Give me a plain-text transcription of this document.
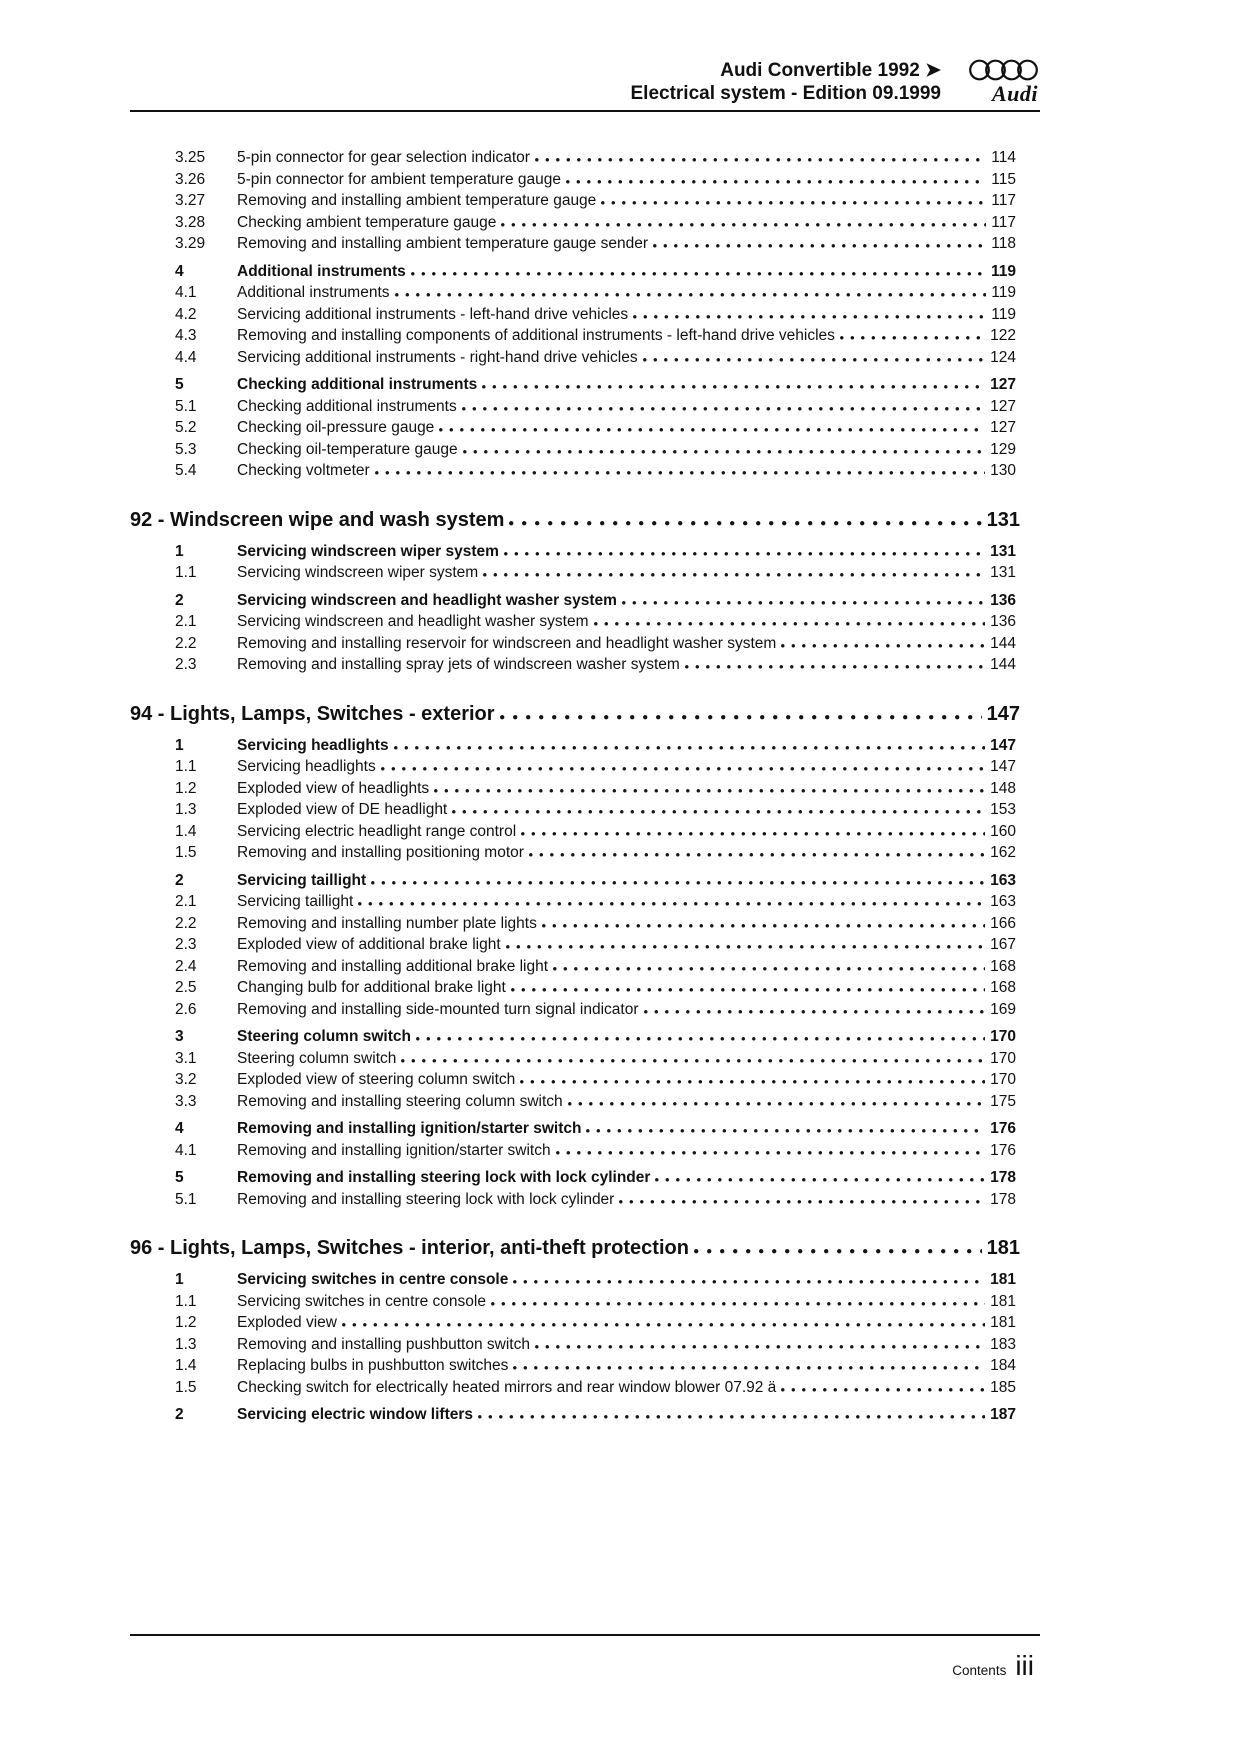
Audi Convertible 1992 ➤
Electrical system - Edition 09.1999	Audi
3.25	5-pin connector for gear selection indicator	114
3.26	5-pin connector for ambient temperature gauge	115
3.27	Removing and installing ambient temperature gauge	117
3.28	Checking ambient temperature gauge	117
3.29	Removing and installing ambient temperature gauge sender	118
4	Additional instruments	119
4.1	Additional instruments	119
4.2	Servicing additional instruments - left-hand drive vehicles	119
4.3	Removing and installing components of additional instruments - left-hand drive vehicles	122
4.4	Servicing additional instruments - right-hand drive vehicles	124
5	Checking additional instruments	127
5.1	Checking additional instruments	127
5.2	Checking oil-pressure gauge	127
5.3	Checking oil-temperature gauge	129
5.4	Checking voltmeter	130
92 - Windscreen wipe and wash system	131
1	Servicing windscreen wiper system	131
1.1	Servicing windscreen wiper system	131
2	Servicing windscreen and headlight washer system	136
2.1	Servicing windscreen and headlight washer system	136
2.2	Removing and installing reservoir for windscreen and headlight washer system	144
2.3	Removing and installing spray jets of windscreen washer system	144
94 - Lights, Lamps, Switches - exterior	147
1	Servicing headlights	147
1.1	Servicing headlights	147
1.2	Exploded view of headlights	148
1.3	Exploded view of DE headlight	153
1.4	Servicing electric headlight range control	160
1.5	Removing and installing positioning motor	162
2	Servicing taillight	163
2.1	Servicing taillight	163
2.2	Removing and installing number plate lights	166
2.3	Exploded view of additional brake light	167
2.4	Removing and installing additional brake light	168
2.5	Changing bulb for additional brake light	168
2.6	Removing and installing side-mounted turn signal indicator	169
3	Steering column switch	170
3.1	Steering column switch	170
3.2	Exploded view of steering column switch	170
3.3	Removing and installing steering column switch	175
4	Removing and installing ignition/starter switch	176
4.1	Removing and installing ignition/starter switch	176
5	Removing and installing steering lock with lock cylinder	178
5.1	Removing and installing steering lock with lock cylinder	178
96 - Lights, Lamps, Switches - interior, anti-theft protection	181
1	Servicing switches in centre console	181
1.1	Servicing switches in centre console	181
1.2	Exploded view	181
1.3	Removing and installing pushbutton switch	183
1.4	Replacing bulbs in pushbutton switches	184
1.5	Checking switch for electrically heated mirrors and rear window blower 07.92 ä	185
2	Servicing electric window lifters	187
Contents iii
